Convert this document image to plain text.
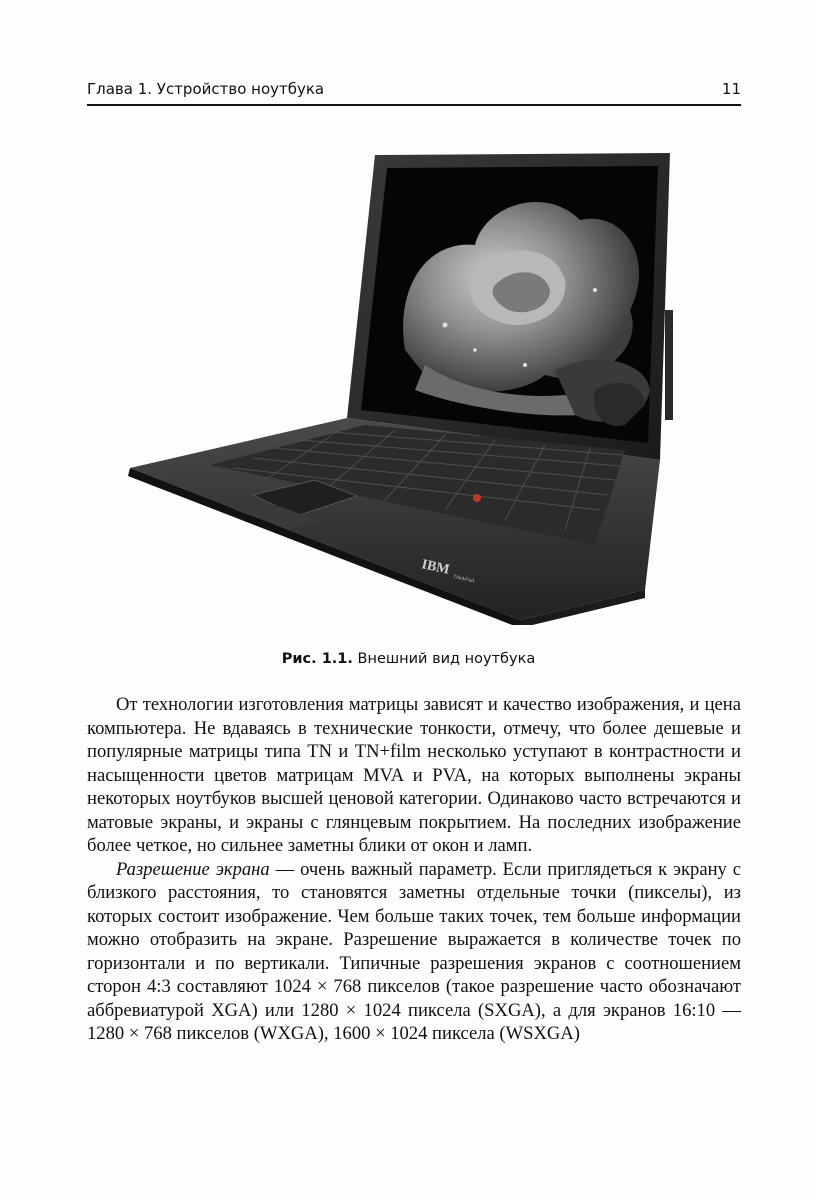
Глава 1. Устройство ноутбука	11
IBM
ThinkPad
Рис. 1.1. Внешний вид ноутбука

От технологии изготовления матрицы зависят и качество изображения, и цена компьютера. Не вдаваясь в технические тонкости, отмечу, что более дешевые и популярные матрицы типа TN и TN+film несколько уступают в контрастности и насыщенности цветов матрицам MVA и PVA, на которых выполнены экраны некоторых ноутбуков высшей ценовой категории. Одинаково часто встречаются и матовые экраны, и экраны с глянцевым покрытием. На последних изображение более четкое, но сильнее заметны блики от окон и ламп.

Разрешение экрана — очень важный параметр. Если приглядеться к экрану с близкого расстояния, то становятся заметны отдельные точки (пикселы), из которых состоит изображение. Чем больше таких точек, тем больше информации можно отобразить на экране. Разрешение выражается в количестве точек по горизонтали и по вертикали. Типичные разрешения экранов с соотношением сторон 4:3 составляют 1024 × 768 пикселов (такое разрешение часто обозначают аббревиатурой XGA) или 1280 × 1024 пиксела (SXGA), а для экранов 16:10 — 1280 × 768 пикселов (WXGA), 1600 × 1024 пиксела (WSXGA)
